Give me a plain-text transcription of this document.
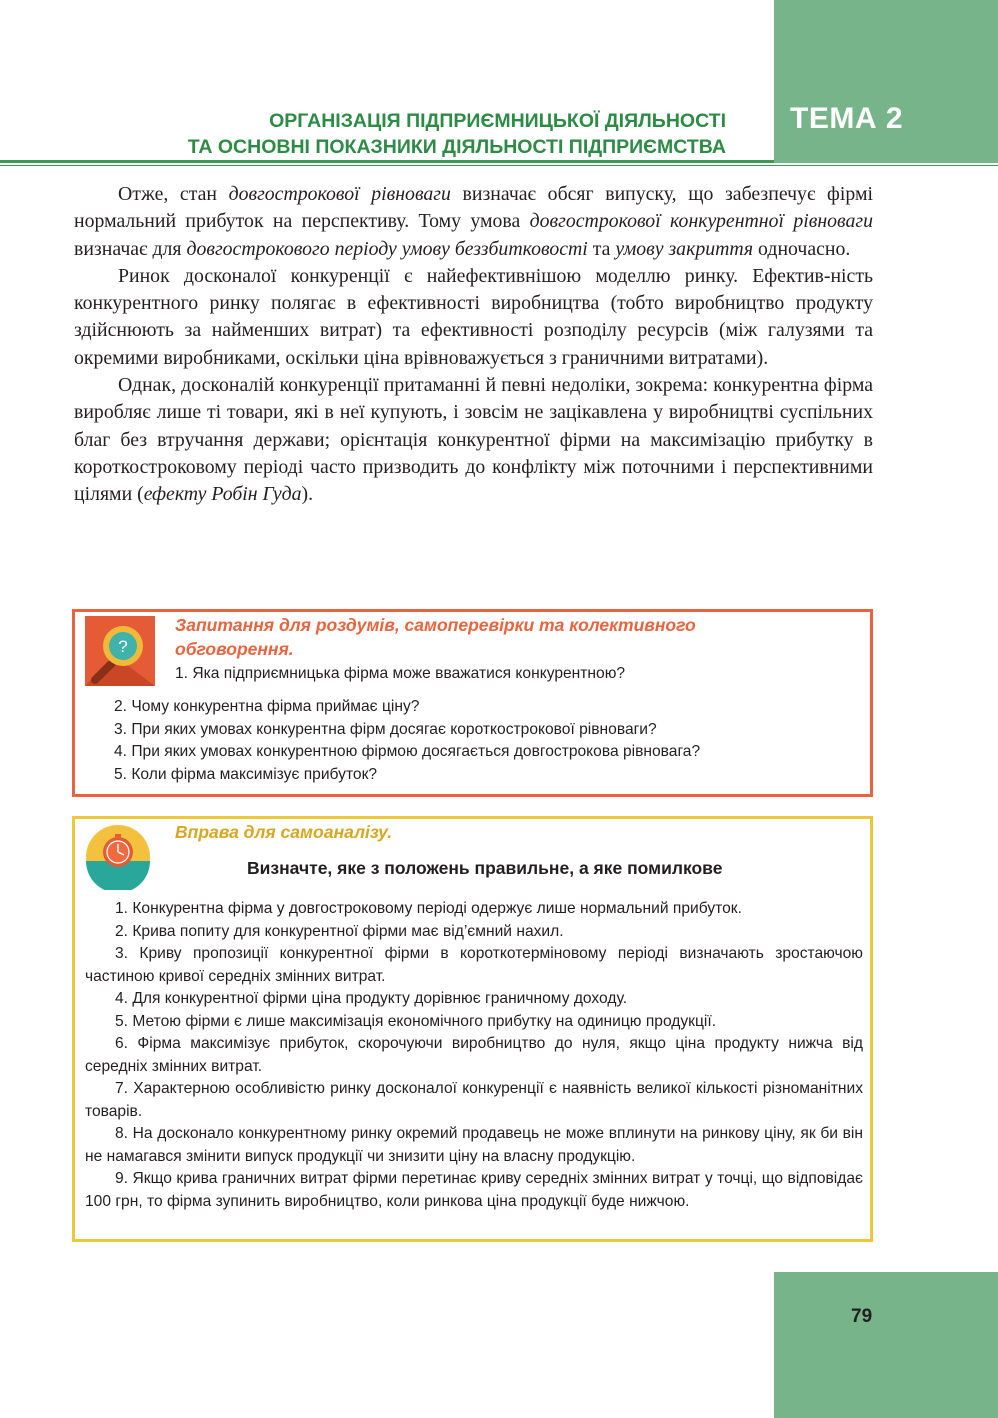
ТЕМА 2
ОРГАНІЗАЦІЯ ПІДПРИЄМНИЦЬКОЇ ДІЯЛЬНОСТІ
ТА ОСНОВНІ ПОКАЗНИКИ ДІЯЛЬНОСТІ ПІДПРИЄМСТВА

Отже, стан довгострокової рівноваги визначає обсяг випуску, що забезпечує фірмі нормальний прибуток на перспективу. Тому умова довгострокової конкурентної рівноваги визначає для довгострокового періоду умову беззбитковості та умову закриття одночасно.

Ринок досконалої конкуренції є найефективнішою моделлю ринку. Ефектив-ність конкурентного ринку полягає в ефективності виробництва (тобто виробництво продукту здійснюють за найменших витрат) та ефективності розподілу ресурсів (між галузями та окремими виробниками, оскільки ціна врівноважується з граничними витратами).

Однак, досконалій конкуренції притаманні й певні недоліки, зокрема: конкурентна фірма виробляє лише ті товари, які в неї купують, і зовсім не зацікавлена у виробництві суспільних благ без втручання держави; орієнтація конкурентної фірми на максимізацію прибутку в короткостроковому періоді часто призводить до конфлікту між поточними і перспективними цілями (ефекту Робін Гуда).

?
Запитання для роздумів, самоперевірки та колективного
обговорення.
1. Яка підприємницька фірма може вважатися конкурентною?
2. Чому конкурентна фірма приймає ціну?
3. При яких умовах конкурентна фірм досягає короткострокової рівноваги?
4. При яких умовах конкурентною фірмою досягається довгострокова рівновага?
5. Коли фірма максимізує прибуток?
Вправа для самоаналізу.
Визначте, яке з положень правильне, а яке помилкове
1. Конкурентна фірма у довгостроковому періоді одержує лише нормальний прибуток.
2. Крива попиту для конкурентної фірми має від’ємний нахил.
3. Криву пропозиції конкурентної фірми в короткотерміновому періоді визначають зростаючою частиною кривої середніх змінних витрат.
4. Для конкурентної фірми ціна продукту дорівнює граничному доходу.
5. Метою фірми є лише максимізація економічного прибутку на одиницю продукції.
6. Фірма максимізує прибуток, скорочуючи виробництво до нуля, якщо ціна продукту нижча від середніх змінних витрат.
7. Характерною особливістю ринку досконалої конкуренції є наявність великої кількості різноманітних товарів.
8. На досконало конкурентному ринку окремий продавець не може вплинути на ринкову ціну, як би він не намагався змінити випуск продукції чи знизити ціну на власну продукцію.
9. Якщо крива граничних витрат фірми перетинає криву середніх змінних витрат у точці, що відповідає 100 грн, то фірма зупинить виробництво, коли ринкова ціна продукції буде нижчою.
79
